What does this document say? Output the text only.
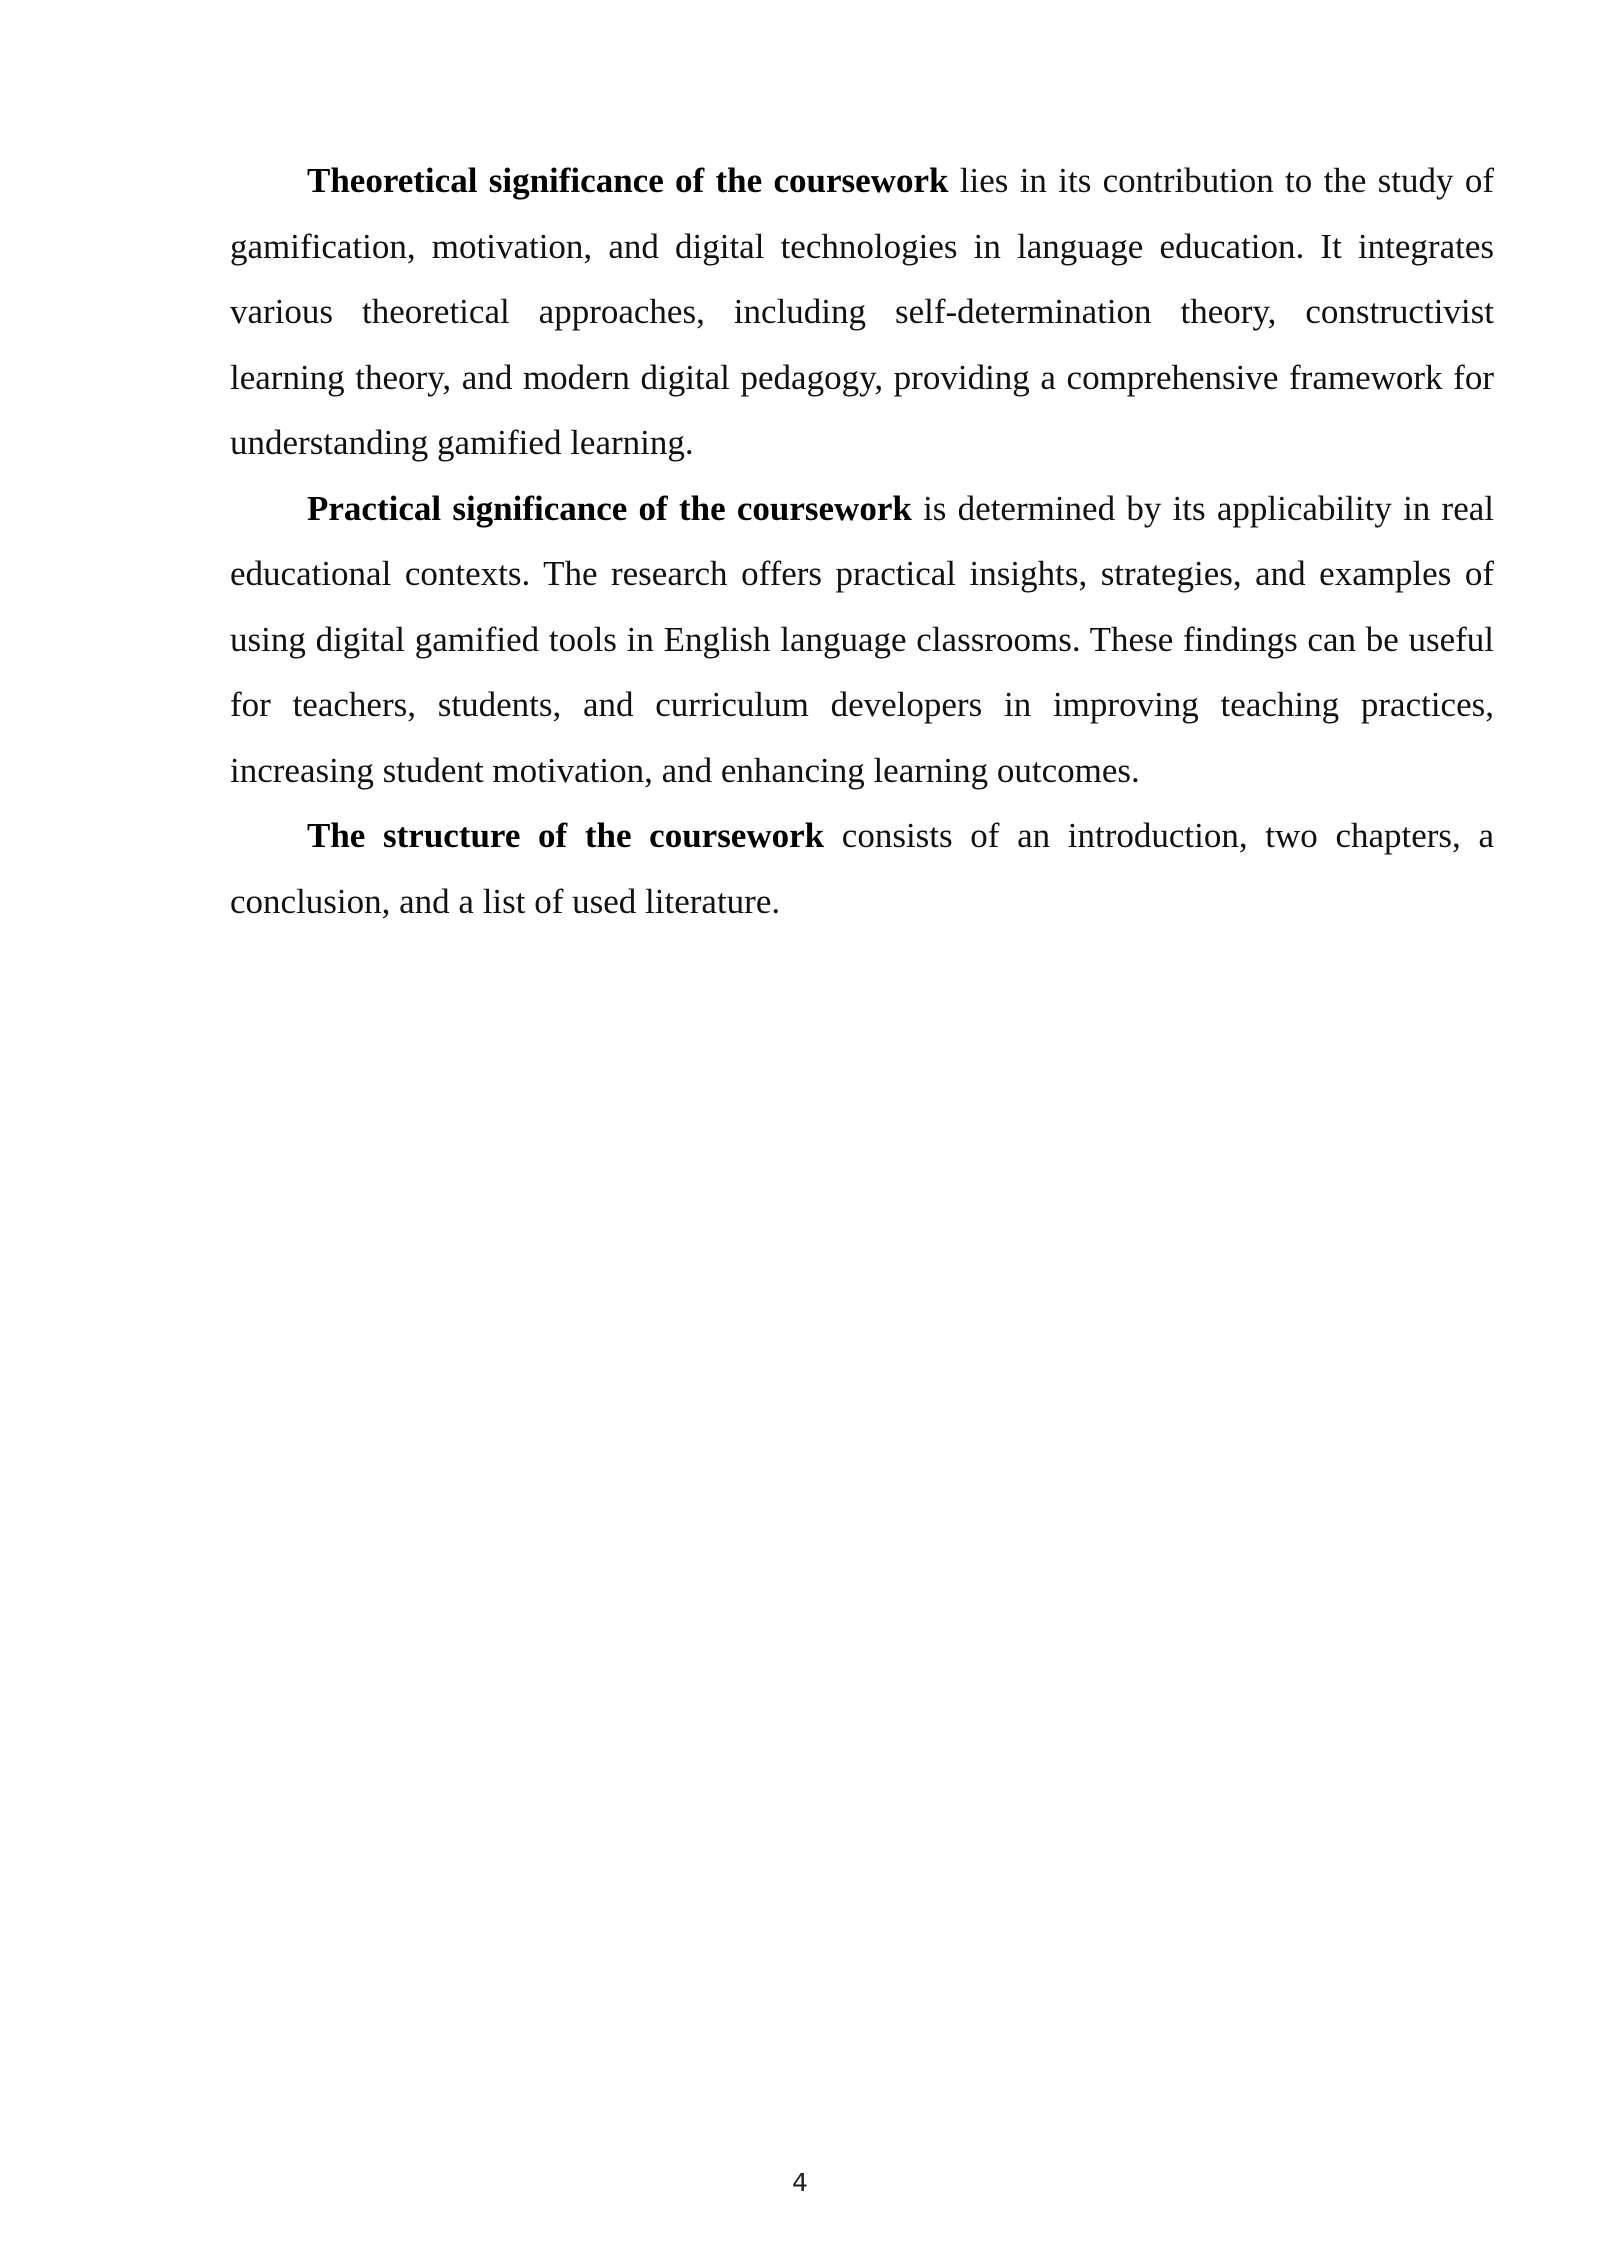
Theoretical significance of the coursework lies in its contribution to the study of gamification, motivation, and digital technologies in language education. It integrates various theoretical approaches, including self-determination theory, constructivist learning theory, and modern digital pedagogy, providing a comprehensive framework for understanding gamified learning.

Practical significance of the coursework is determined by its applicability in real educational contexts. The research offers practical insights, strategies, and examples of using digital gamified tools in English language classrooms. These findings can be useful for teachers, students, and curriculum developers in improving teaching practices, increasing student motivation, and enhancing learning outcomes.

The structure of the coursework consists of an introduction, two chapters, a conclusion, and a list of used literature.

4
